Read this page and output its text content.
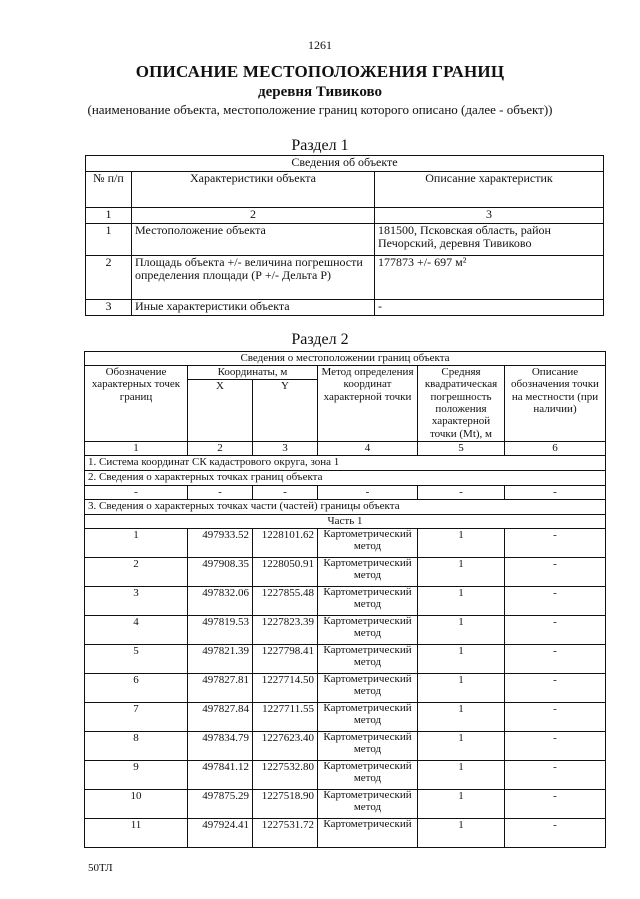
1261
ОПИСАНИЕ МЕСТОПОЛОЖЕНИЯ ГРАНИЦ
деревня Тивиково
(наименование объекта, местоположение границ которого описано (далее - объект))
Раздел 1
Сведения об объекте		
№ п/п	Характеристики объекта	Описание характеристик
1	2	3
1	Местоположение объекта	181500, Псковская область, район Печорский, деревня Тивиково
2	Площадь объекта +/- величина погрешности определения площади (Р +/- Дельта Р)	177873 +/- 697 м²
3	Иные характеристики объекта	-
Раздел 2
Сведения о местоположении границ объекта					
Обозначение характерных точек границ	Координаты, м		Метод определения координат характерной точки	Средняя квадратическая погрешность положения характерной точки (Mt), м	Описание обозначения точки на местности (при наличии)
	X	Y			
1	2	3	4	5	6
1. Система координат СК кадастрового округа, зона 1					
2. Сведения о характерных точках границ объекта					
-	-	-	-	-	-
3. Сведения о характерных точках части (частей) границы объекта					
Часть 1					
1	497933.52	1228101.62	Картометрический метод	1	-
2	497908.35	1228050.91	Картометрический метод	1	-
3	497832.06	1227855.48	Картометрический метод	1	-
4	497819.53	1227823.39	Картометрический метод	1	-
5	497821.39	1227798.41	Картометрический метод	1	-
6	497827.81	1227714.50	Картометрический метод	1	-
7	497827.84	1227711.55	Картометрический метод	1	-
8	497834.79	1227623.40	Картометрический метод	1	-
9	497841.12	1227532.80	Картометрический метод	1	-
10	497875.29	1227518.90	Картометрический метод	1	-
11	497924.41	1227531.72	Картометрический	1	-
50ТЛ
